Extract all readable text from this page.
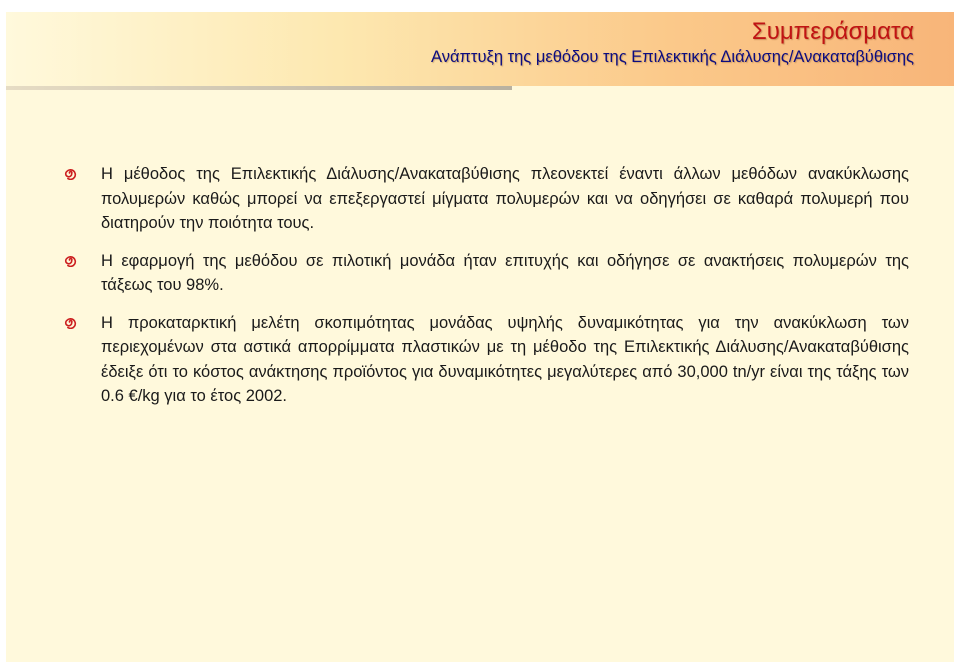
Συμπεράσματα
Ανάπτυξη της μεθόδου της Επιλεκτικής Διάλυσης/Ανακαταβύθισης
Η μέθοδος της Επιλεκτικής Διάλυσης/Ανακαταβύθισης πλεονεκτεί έναντι άλλων μεθόδων ανακύκλωσης πολυμερών καθώς μπορεί να επεξεργαστεί μίγματα πολυμερών και να οδηγήσει σε καθαρά πολυμερή που διατηρούν την ποιότητα τους.
Η εφαρμογή της μεθόδου σε πιλοτική μονάδα ήταν επιτυχής και οδήγησε σε ανακτήσεις πολυμερών της τάξεως του 98%.
Η προκαταρκτική μελέτη σκοπιμότητας μονάδας υψηλής δυναμικότητας για την ανακύκλωση των περιεχομένων στα αστικά απορρίμματα πλαστικών με τη μέθοδο της Επιλεκτικής Διάλυσης/Ανακαταβύθισης έδειξε ότι το κόστος ανάκτησης προϊόντος για δυναμικότητες μεγαλύτερες από 30,000 tn/yr είναι της τάξης των 0.6 €/kg για το έτος 2002.
